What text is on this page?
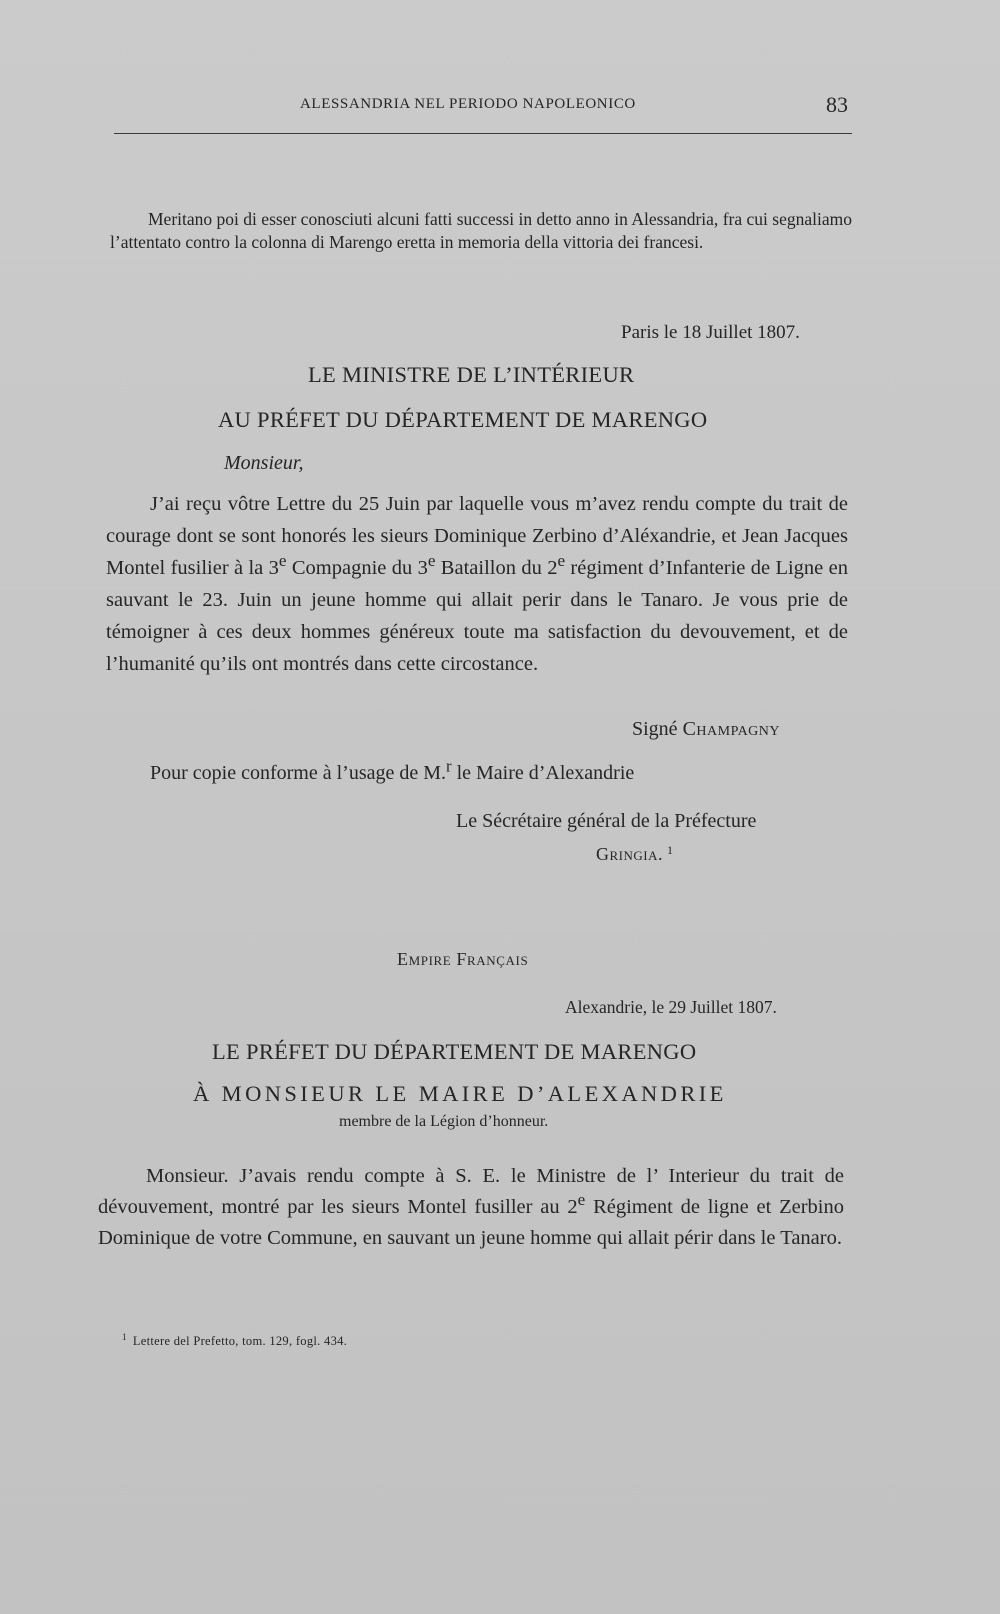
ALESSANDRIA NEL PERIODO NAPOLEONICO	83

Meritano poi di esser conosciuti alcuni fatti successi in detto anno in Alessandria, fra cui segnaliamo l’attentato contro la colonna di Marengo eretta in memoria della vittoria dei francesi.

Paris le 18 Juillet 1807.
LE MINISTRE DE L’INTÉRIEUR
AU PRÉFET DU DÉPARTEMENT DE MARENGO
Monsieur,

J’ai reçu vôtre Lettre du 25 Juin par laquelle vous m’avez rendu compte du trait de courage dont se sont honorés les sieurs Dominique Zerbino d’Aléxandrie, et Jean Jacques Montel fusilier à la 3e Compagnie du 3e Bataillon du 2e régiment d’Infanterie de Ligne en sauvant le 23. Juin un jeune homme qui allait perir dans le Tanaro. Je vous prie de témoigner à ces deux hommes généreux toute ma satisfaction du devouvement, et de l’humanité qu’ils ont montrés dans cette circostance.

Signé Champagny
Pour copie conforme à l’usage de M.$^r$ le Maire d’Alexandrie
Le Sécrétaire général de la Préfecture
Gringia. $^1$
Empire Français
Alexandrie, le 29 Juillet 1807.
LE PRÉFET DU DÉPARTEMENT DE MARENGO
À MONSIEUR LE MAIRE D’ALEXANDRIE
membre de la Légion d’honneur.

Monsieur. J’avais rendu compte à S. E. le Ministre de l’ Interieur du trait de dévouvement, montré par les sieurs Montel fusiller au 2e Régiment de ligne et Zerbino Dominique de votre Commune, en sauvant un jeune homme qui allait périr dans le Tanaro.

$^1$ Lettere del Prefetto, tom. 129, fogl. 434.
